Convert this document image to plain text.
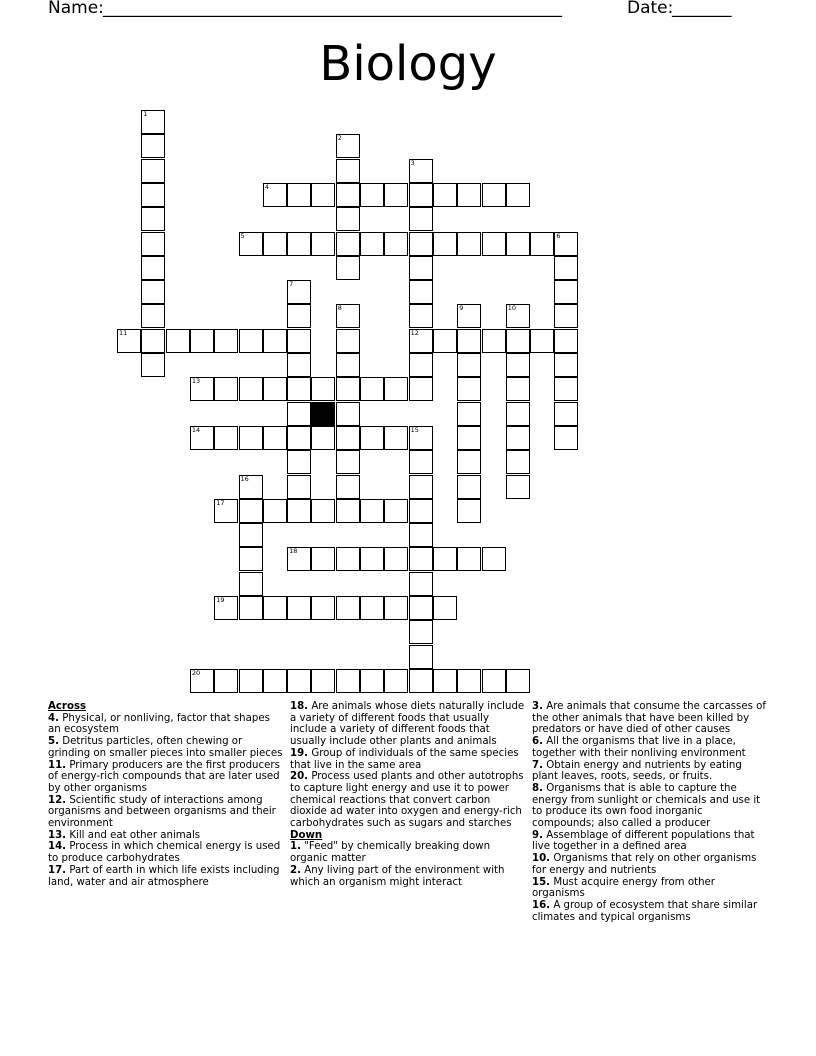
Name: ______________________________________________________	Date:
_______
Biology
1
2
3
4
5	6
7
8	9	10
11	12
13
14	15
16
17
18
19
20
Across
4. Physical, or nonliving, factor that shapes an ecosystem
5. Detritus particles, often chewing or grinding on smaller pieces into smaller pieces
11. Primary producers are the first producers of energy-rich compounds that are later used by other organisms
12. Scientific study of interactions among organisms and between organisms and their environment
13. Kill and eat other animals
14. Process in which chemical energy is used to produce carbohydrates
17. Part of earth in which life exists including land, water and air atmosphere
18. Are animals whose diets naturally include a variety of different foods that usually include a variety of different foods that usually include other plants and animals
19. Group of individuals of the same species that live in the same area
20. Process used plants and other autotrophs to capture light energy and use it to power chemical reactions that convert carbon dioxide ad water into oxygen and energy-rich carbohydrates such as sugars and starches
Down
1. "Feed" by chemically breaking down organic matter
2. Any living part of the environment with which an organism might interact
3. Are animals that consume the carcasses of the other animals that have been killed by predators or have died of other causes
6. All the organisms that live in a place, together with their nonliving environment
7. Obtain energy and nutrients by eating plant leaves, roots, seeds, or fruits.
8. Organisms that is able to capture the energy from sunlight or chemicals and use it to produce its own food inorganic compounds; also called a producer
9. Assemblage of different populations that live together in a defined area
10. Organisms that rely on other organisms for energy and nutrients
15. Must acquire energy from other organisms
16. A group of ecosystem that share similar climates and typical organisms
